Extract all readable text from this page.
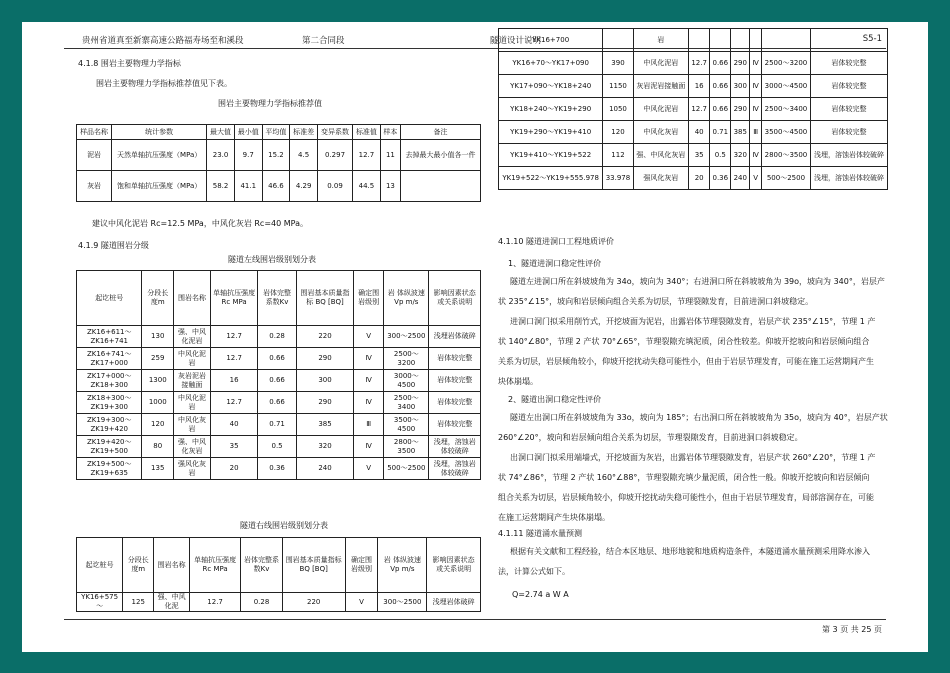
贵州省道真至新寨高速公路福寿场至和溪段	第二合同段	隧道设计说明	S5-1
4.1.8 围岩主要物理力学指标
围岩主要物理力学指标推荐值见下表。
围岩主要物理力学指标推荐值
样品名称	统计参数	最大值	最小值	平均值	标准差	变异系数	标准值	样本	备注
泥岩	天然单轴抗压强度（MPa）	23.0	9.7	15.2	4.5	0.297	12.7	11	去掉最大最小值各一件
灰岩	饱和单轴抗压强度（MPa）	58.2	41.1	46.6	4.29	0.09	44.5	13	
建议中风化泥岩 Rc=12.5 MPa，中风化灰岩 Rc=40 MPa。
4.1.9 隧道围岩分级
隧道左线围岩级别划分表
起讫桩号	分段长度m	围岩名称	单轴抗压强度Rc MPa	岩体完整系数Kv	围岩基本质量指标 BQ [BQ]	确定围岩级别	岩 体纵波速Vp m/s	影响因素状态或关系说明
ZK16+611～ZK16+741	130	强、中风化泥岩	12.7	0.28	220	Ⅴ	300～2500	浅埋岩体破碎
ZK16+741～ZK17+000	259	中风化泥岩	12.7	0.66	290	Ⅳ	2500～3200	岩体较完整
ZK17+000～ZK18+300	1300	灰岩泥岩接触面	16	0.66	300	Ⅳ	3000～4500	岩体较完整
ZK18+300～ZK19+300	1000	中风化泥岩	12.7	0.66	290	Ⅳ	2500～3400	岩体较完整
ZK19+300～ZK19+420	120	中风化灰岩	40	0.71	385	Ⅲ	3500～4500	岩体较完整
ZK19+420～ZK19+500	80	强、中风化灰岩	35	0.5	320	Ⅳ	2800～3500	浅埋，溶蚀岩体较破碎
ZK19+500～ZK19+635	135	强风化灰岩	20	0.36	240	Ⅴ	500～2500	浅埋，溶蚀岩体较破碎
隧道右线围岩级别划分表
起讫桩号	分段长度m	围岩名称	单轴抗压强度Rc MPa	岩体完整系数Kv	围岩基本质量指标 BQ [BQ]	确定围岩级别	岩 体纵波速Vp m/s	影响因素状态或关系说明
YK16+575～	125	强、中风化泥	12.7	0.28	220	Ⅴ	300～2500	浅埋岩体破碎
YK16+700		岩						
YK16+70～YK17+090	390	中风化泥岩	12.7	0.66	290	Ⅳ	2500～3200	岩体较完整
YK17+090～YK18+240	1150	灰岩泥岩接触面	16	0.66	300	Ⅳ	3000～4500	岩体较完整
YK18+240～YK19+290	1050	中风化泥岩	12.7	0.66	290	Ⅳ	2500～3400	岩体较完整
YK19+290～YK19+410	120	中风化灰岩	40	0.71	385	Ⅲ	3500～4500	岩体较完整
YK19+410～YK19+522	112	强、中风化灰岩	35	0.5	320	Ⅳ	2800～3500	浅埋，溶蚀岩体较破碎
YK19+522～YK19+555.978	33.978	强风化灰岩	20	0.36	240	Ⅴ	500～2500	浅埋，溶蚀岩体较破碎
4.1.10 隧道进洞口工程地质评价
1、隧道进洞口稳定性评价
隧道左进洞口所在斜坡坡角为 34o，坡向为 340°；右进洞口所在斜坡坡角为 39o，坡向为 340°，岩层产
状 235°∠15°，坡向和岩层倾向组合关系为切层，节理裂隙发育，目前进洞口斜坡稳定。
进洞口洞门拟采用削竹式，开挖坡面为泥岩，出露岩体节理裂隙发育，岩层产状 235°∠15°，节理 1 产
状 140°∠80°，节理 2 产状 70°∠65°，节理裂隙充填泥质，闭合性较差。仰坡开挖坡向和岩层倾向组合
关系为切层，岩层倾角较小，仰坡开挖扰动失稳可能性小，但由于岩层节理发育，可能在施工运营期间产生
块体崩塌。
2、隧道出洞口稳定性评价
隧道左出洞口所在斜坡坡角为 33o，坡向为 185°；右出洞口所在斜坡坡角为 35o，坡向为 40°，岩层产状
260°∠20°，坡向和岩层倾向组合关系为切层，节理裂隙发育，目前进洞口斜坡稳定。
出洞口洞门拟采用端墙式，开挖坡面为灰岩，出露岩体节理裂隙发育，岩层产状 260°∠20°，节理 1 产
状 74°∠86°，节理 2 产状 160°∠88°，节理裂隙充填少量泥质，闭合性一般。仰坡开挖坡向和岩层倾向
组合关系为切层，岩层倾角较小，仰坡开挖扰动失稳可能性小，但由于岩层节理发育，局部溶洞存在，可能
在施工运营期间产生块体崩塌。
4.1.11 隧道涌水量预测
根据有关文献和工程经验，结合本区地层、地形地貌和地质构造条件，本隧道涌水量预测采用降水渗入
法，计算公式如下。
Q=2.74 a W A
第 3 页 共 25 页
